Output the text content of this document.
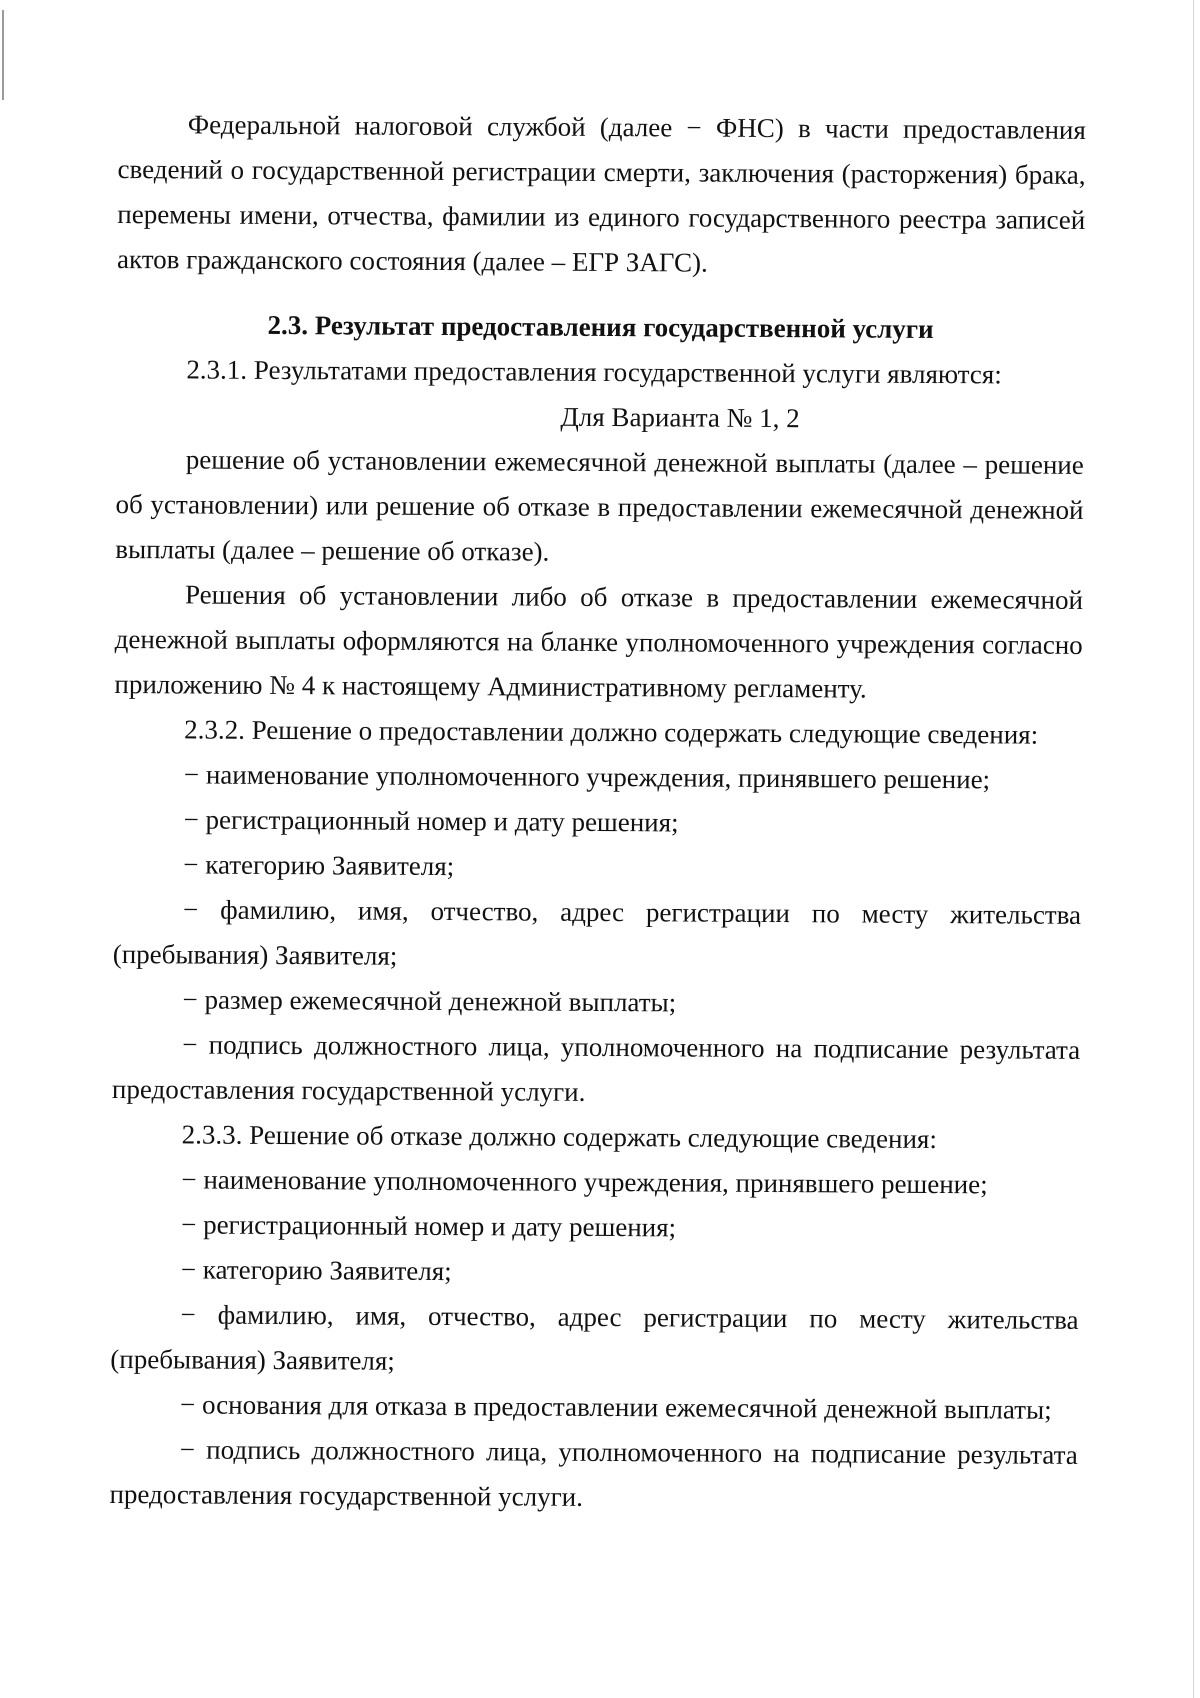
Федеральной налоговой службой (далее − ФНС) в части предоставления сведений о государственной регистрации смерти, заключения (расторжения) брака, перемены имени, отчества, фамилии из единого государственного реестра записей актов гражданского состояния (далее – ЕГР ЗАГС).

2.3. Результат предоставления государственной услуги

2.3.1. Результатами предоставления государственной услуги являются:

Для Варианта № 1, 2

решение об установлении ежемесячной денежной выплаты (далее – решение об установлении) или решение об отказе в предоставлении ежемесячной денежной выплаты (далее – решение об отказе).

Решения об установлении либо об отказе в предоставлении ежемесячной денежной выплаты оформляются на бланке уполномоченного учреждения согласно приложению № 4 к настоящему Административному регламенту.

2.3.2. Решение о предоставлении должно содержать следующие сведения:

− наименование уполномоченного учреждения, принявшего решение;

− регистрационный номер и дату решения;

− категорию Заявителя;

− фамилию, имя, отчество, адрес регистрации по месту жительства (пребывания) Заявителя;

− размер ежемесячной денежной выплаты;

− подпись должностного лица, уполномоченного на подписание результата предоставления государственной услуги.

2.3.3. Решение об отказе должно содержать следующие сведения:

− наименование уполномоченного учреждения, принявшего решение;

− регистрационный номер и дату решения;

− категорию Заявителя;

− фамилию, имя, отчество, адрес регистрации по месту жительства (пребывания) Заявителя;

− основания для отказа в предоставлении ежемесячной денежной выплаты;

− подпись должностного лица, уполномоченного на подписание результата предоставления государственной услуги.
